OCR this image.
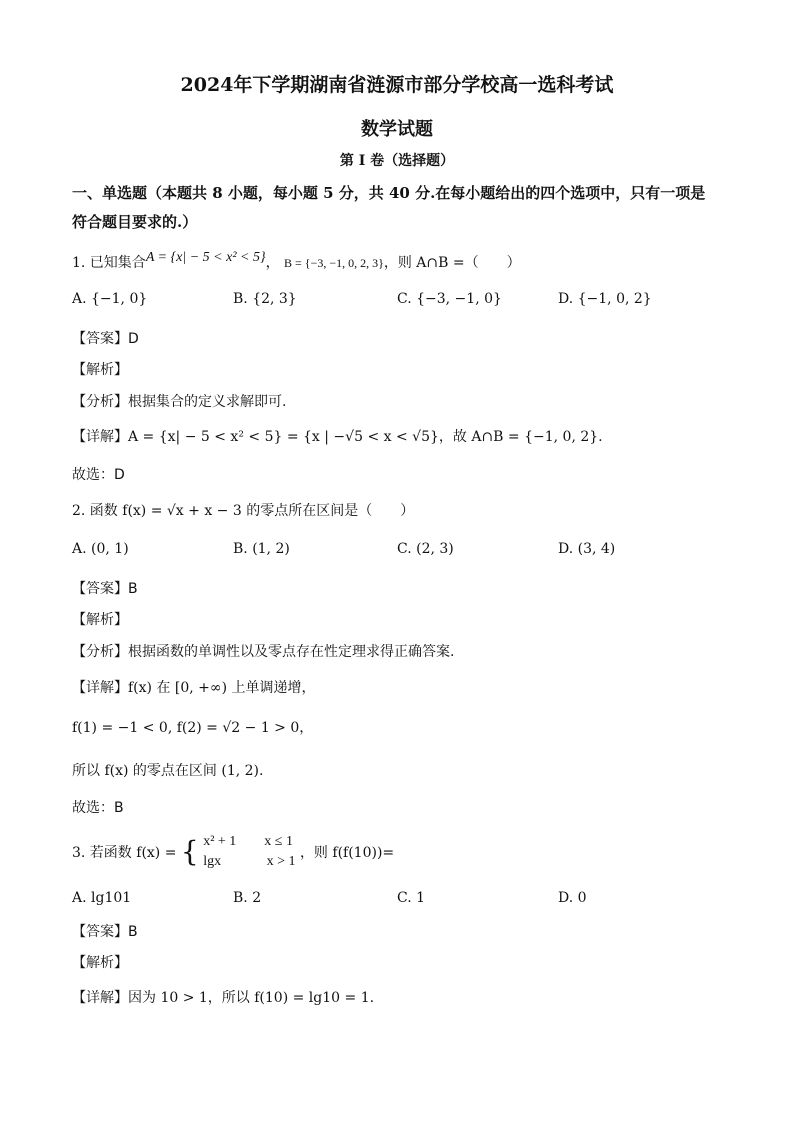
2024年下学期湖南省涟源市部分学校高一选科考试
数学试题
第 I 卷（选择题）
一、单选题（本题共 8 小题，每小题 5 分，共 40 分.在每小题给出的四个选项中，只有一项是
符合题目要求的.）
1. 已知集合A = {x| − 5 < x² < 5}， B = {−3, −1, 0, 2, 3}，则 A∩B =（　　）
A. {−1, 0}	B. {2, 3}	C. {−3, −1, 0}	D. {−1, 0, 2}
【答案】D
【解析】
【分析】根据集合的定义求解即可.
【详解】A = {x| − 5 < x² < 5} = {x | −√5 < x < √5}，故 A∩B = {−1, 0, 2}.
故选：D
2. 函数 f(x) = √x + x − 3 的零点所在区间是（　　）
A. (0, 1)	B. (1, 2)	C. (2, 3)	D. (3, 4)
【答案】B
【解析】
【分析】根据函数的单调性以及零点存在性定理求得正确答案.
【详解】f(x) 在 [0, +∞) 上单调递增，
f(1) = −1 < 0, f(2) = √2 − 1 > 0，
所以 f(x) 的零点在区间 (1, 2).
故选：B
3. 若函数 f(x) = { x² + 1　　x ≤ 1
lgx　　　 x > 1
，则 f(f(10))=
A. lg101	B. 2	C. 1	D. 0
【答案】B
【解析】
【详解】因为 10 > 1，所以 f(10) = lg10 = 1.
